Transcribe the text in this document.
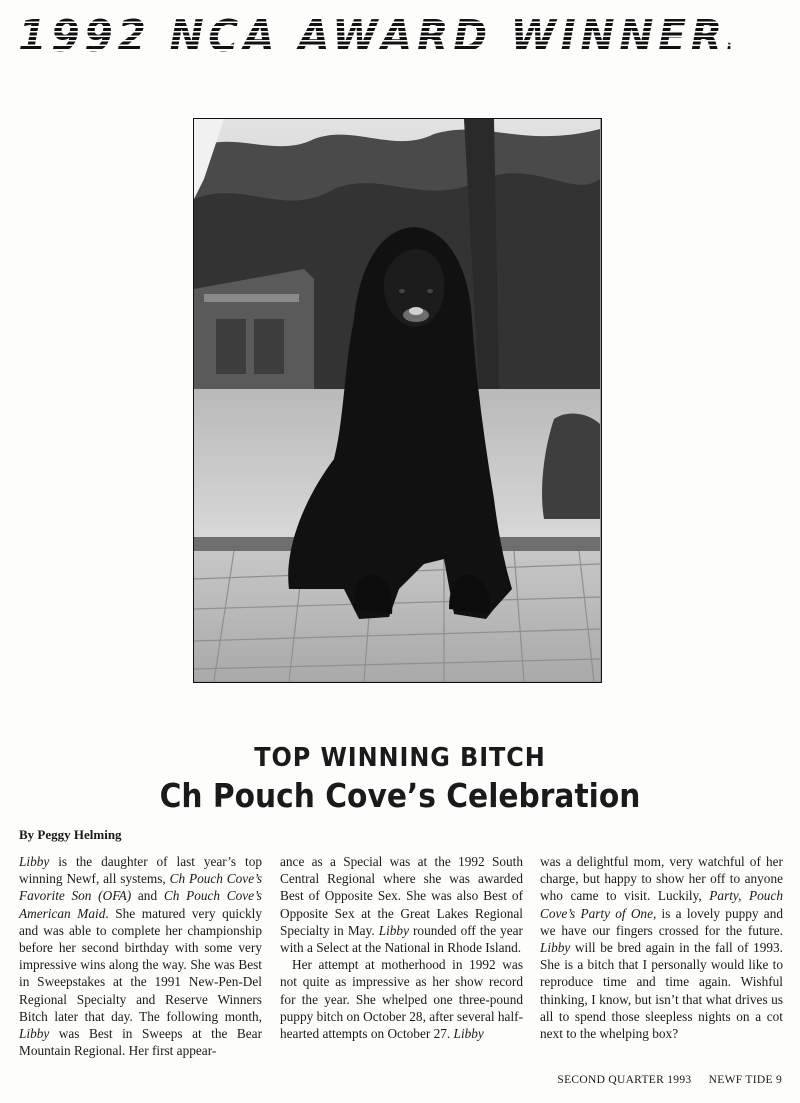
1992 NCA AWARD WINNERS
TOP WINNING BITCH
Ch Pouch Cove’s Celebration
By Peggy Helming

Libby is the daughter of last year’s top winning Newf, all systems, Ch Pouch Cove’s Favorite Son (OFA) and Ch Pouch Cove’s American Maid. She matured very quickly and was able to complete her championship before her second birthday with some very impressive wins along the way. She was Best in Sweepstakes at the 1991 New-Pen-Del Regional Specialty and Reserve Winners Bitch later that day. The following month, Libby was Best in Sweeps at the Bear Mountain Regional. Her first appear-

ance as a Special was at the 1992 South Central Regional where she was awarded Best of Opposite Sex. She was also Best of Opposite Sex at the Great Lakes Regional Specialty in May. Libby rounded off the year with a Select at the National in Rhode Island.

Her attempt at motherhood in 1992 was not quite as impressive as her show record for the year. She whelped one three-pound puppy bitch on October 28, after several half-hearted attempts on October 27. Libby

was a delightful mom, very watchful of her charge, but happy to show her off to anyone who came to visit. Luckily, Party, Pouch Cove’s Party of One, is a lovely puppy and we have our fingers crossed for the future. Libby will be bred again in the fall of 1993. She is a bitch that I personally would like to reproduce time and time again. Wishful thinking, I know, but isn’t that what drives us all to spend those sleepless nights on a cot next to the whelping box?

SECOND QUARTER 1993 NEWF TIDE 9
